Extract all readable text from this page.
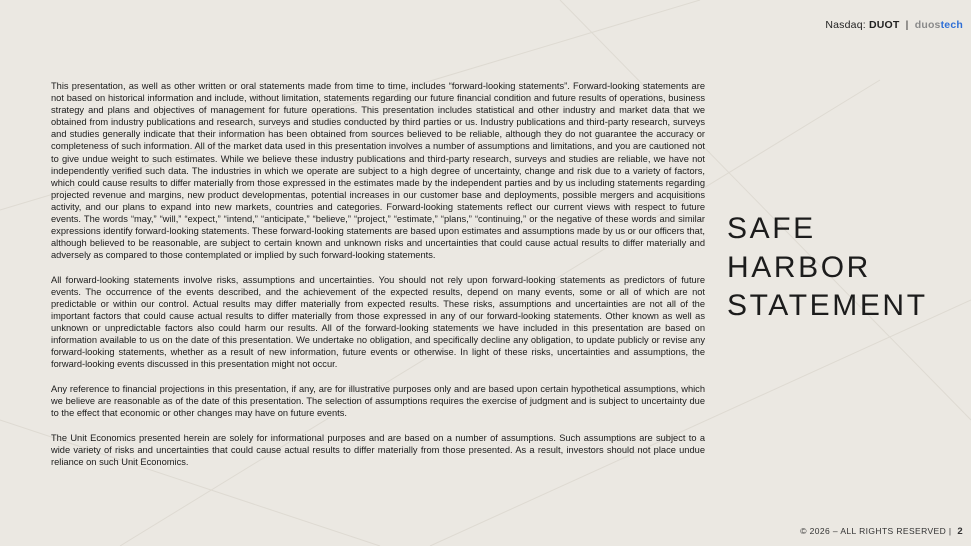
Nasdaq: DUOT | duostech

This presentation, as well as other written or oral statements made from time to time, includes “forward-looking statements”. Forward-looking statements are not based on historical information and include, without limitation, statements regarding our future financial condition and future results of operations, business strategy and plans and objectives of management for future operations. This presentation includes statistical and other industry and market data that we obtained from industry publications and research, surveys and studies conducted by third parties or us. Industry publications and third-party research, surveys and studies generally indicate that their information has been obtained from sources believed to be reliable, although they do not guarantee the accuracy or completeness of such information. All of the market data used in this presentation involves a number of assumptions and limitations, and you are cautioned not to give undue weight to such estimates. While we believe these industry publications and third-party research, surveys and studies are reliable, we have not independently verified such data. The industries in which we operate are subject to a high degree of uncertainty, change and risk due to a variety of factors, which could cause results to differ materially from those expressed in the estimates made by the independent parties and by us including statements regarding projected revenue and margins, new product developmentas, potential increases in our customer base and deployments, possible mergers and acquisitions activity, and our plans to expand into new markets, countries and categories. Forward-looking statements reflect our current views with respect to future events. The words “may,” “will,” “expect,” “intend,” “anticipate,” “believe,” “project,” “estimate,” “plans,” “continuing,” or the negative of these words and similar expressions identify forward-looking statements. These forward-looking statements are based upon estimates and assumptions made by us or our officers that, although believed to be reasonable, are subject to certain known and unknown risks and uncertainties that could cause actual results to differ materially and adversely as compared to those contemplated or implied by such forward-looking statements.

All forward-looking statements involve risks, assumptions and uncertainties. You should not rely upon forward-looking statements as predictors of future events. The occurrence of the events described, and the achievement of the expected results, depend on many events, some or all of which are not predictable or within our control. Actual results may differ materially from expected results. These risks, assumptions and uncertainties are not all of the important factors that could cause actual results to differ materially from those expressed in any of our forward-looking statements. Other known as well as unknown or unpredictable factors also could harm our results. All of the forward-looking statements we have included in this presentation are based on information available to us on the date of this presentation. We undertake no obligation, and specifically decline any obligation, to update publicly or revise any forward-looking statements, whether as a result of new information, future events or otherwise. In light of these risks, uncertainties and assumptions, the forward-looking events discussed in this presentation might not occur.

Any reference to financial projections in this presentation, if any, are for illustrative purposes only and are based upon certain hypothetical assumptions, which we believe are reasonable as of the date of this presentation. The selection of assumptions requires the exercise of judgment and is subject to uncertainty due to the effect that economic or other changes may have on future events.

The Unit Economics presented herein are solely for informational purposes and are based on a number of assumptions. Such assumptions are subject to a wide variety of risks and uncertainties that could cause actual results to differ materially from those presented. As a result, investors should not place undue reliance on such Unit Economics.

SAFE
HARBOR
STATEMENT
© 2026 – ALL RIGHTS RESERVED | 2
